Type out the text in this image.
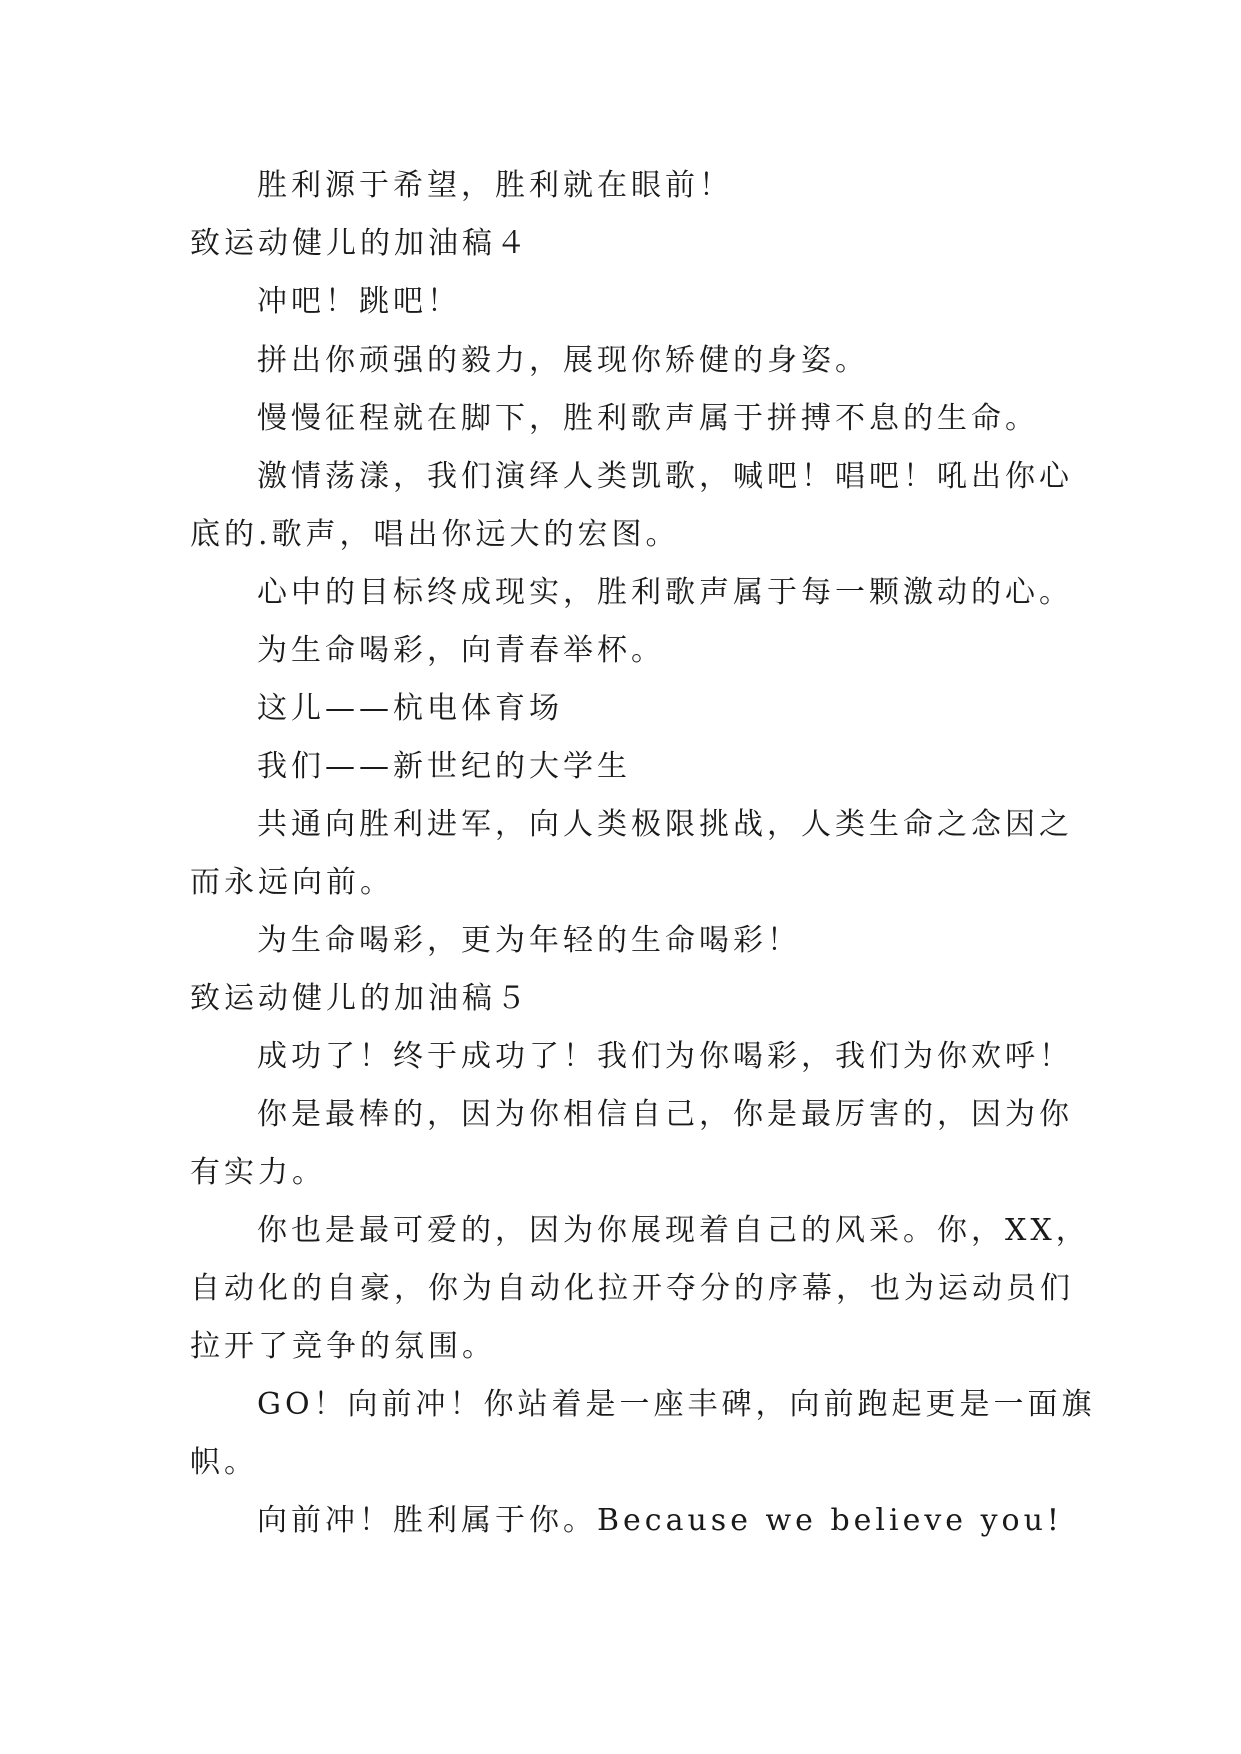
胜利源于希望，胜利就在眼前！
致运动健儿的加油稿４
冲吧！跳吧！
拼出你顽强的毅力，展现你矫健的身姿。
慢慢征程就在脚下，胜利歌声属于拼搏不息的生命。
激情荡漾，我们演绎人类凯歌，喊吧！唱吧！吼出你心
底的.歌声，唱出你远大的宏图。
心中的目标终成现实，胜利歌声属于每一颗激动的心。
为生命喝彩，向青春举杯。
这儿——杭电体育场
我们——新世纪的大学生
共通向胜利进军，向人类极限挑战，人类生命之念因之
而永远向前。
为生命喝彩，更为年轻的生命喝彩！
致运动健儿的加油稿５
成功了！终于成功了！我们为你喝彩，我们为你欢呼！
你是最棒的，因为你相信自己，你是最厉害的，因为你
有实力。
你也是最可爱的，因为你展现着自己的风采。你，XX，
自动化的自豪，你为自动化拉开夺分的序幕，也为运动员们
拉开了竞争的氛围。
GO！向前冲！你站着是一座丰碑，向前跑起更是一面旗
帜。
向前冲！胜利属于你。Because we believe you!
